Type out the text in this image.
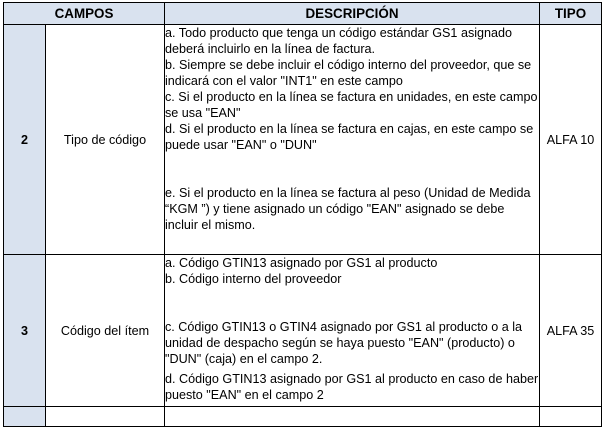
CAMPOS		DESCRIPCIÓN	TIPO
2	Tipo de código	a. Todo producto que tenga un código estándar GS1 asignado deberá incluirlo en la línea de factura.

b. Siempre se debe incluir el código interno del proveedor, que se indicará con el valor "INT1" en este campo

c. Si el producto en la línea se factura en unidades, en este campo se usa "EAN"

d. Si el producto en la línea se factura en cajas, en este campo se puede usar "EAN" o "DUN"

e. Si el producto en la línea se factura al peso (Unidad de Medida “KGM ”) y tiene asignado un código "EAN" asignado se debe incluir el mismo.	ALFA 10
3	Código del ítem	a. Código GTIN13 asignado por GS1 al producto

b. Código interno del proveedor

c. Código GTIN13 o GTIN4 asignado por GS1 al producto o a la unidad de despacho según se haya puesto "EAN" (producto) o "DUN" (caja) en el campo 2.

d. Código GTIN13 asignado por GS1 al producto en caso de haber puesto "EAN" en el campo 2	ALFA 35
